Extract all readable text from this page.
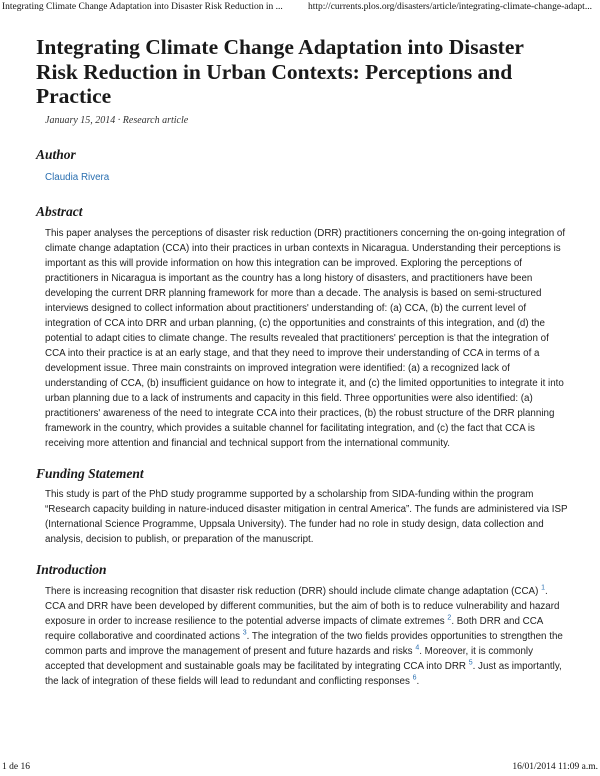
Integrating Climate Change Adaptation into Disaster Risk Reduction in ...	http://currents.plos.org/disasters/article/integrating-climate-change-adapt...
Integrating Climate Change Adaptation into Disaster Risk Reduction in Urban Contexts: Perceptions and Practice
January 15, 2014 · Research article
Author
Claudia Rivera
Abstract

This paper analyses the perceptions of disaster risk reduction (DRR) practitioners concerning the on-going integration of climate change adaptation (CCA) into their practices in urban contexts in Nicaragua. Understanding their perceptions is important as this will provide information on how this integration can be improved. Exploring the perceptions of practitioners in Nicaragua is important as the country has a long history of disasters, and practitioners have been developing the current DRR planning framework for more than a decade. The analysis is based on semi-structured interviews designed to collect information about practitioners' understanding of: (a) CCA, (b) the current level of integration of CCA into DRR and urban planning, (c) the opportunities and constraints of this integration, and (d) the potential to adapt cities to climate change. The results revealed that practitioners' perception is that the integration of CCA into their practice is at an early stage, and that they need to improve their understanding of CCA in terms of a development issue. Three main constraints on improved integration were identified: (a) a recognized lack of understanding of CCA, (b) insufficient guidance on how to integrate it, and (c) the limited opportunities to integrate it into urban planning due to a lack of instruments and capacity in this field. Three opportunities were also identified: (a) practitioners' awareness of the need to integrate CCA into their practices, (b) the robust structure of the DRR planning framework in the country, which provides a suitable channel for facilitating integration, and (c) the fact that CCA is receiving more attention and financial and technical support from the international community.

Funding Statement

This study is part of the PhD study programme supported by a scholarship from SIDA-funding within the program “Research capacity building in nature-induced disaster mitigation in central America”. The funds are administered via ISP (International Science Programme, Uppsala University). The funder had no role in study design, data collection and analysis, decision to publish, or preparation of the manuscript.

Introduction

There is increasing recognition that disaster risk reduction (DRR) should include climate change adaptation (CCA) $^1$. CCA and DRR have been developed by different communities, but the aim of both is to reduce vulnerability and hazard exposure in order to increase resilience to the potential adverse impacts of climate extremes $^2$. Both DRR and CCA require collaborative and coordinated actions $^3$. The integration of the two fields provides opportunities to strengthen the common parts and improve the management of present and future hazards and risks $^4$. Moreover, it is commonly accepted that development and sustainable goals may be facilitated by integrating CCA into DRR $^5$. Just as importantly, the lack of integration of these fields will lead to redundant and conflicting responses $^6$.

1 de 16	16/01/2014 11:09 a.m.
